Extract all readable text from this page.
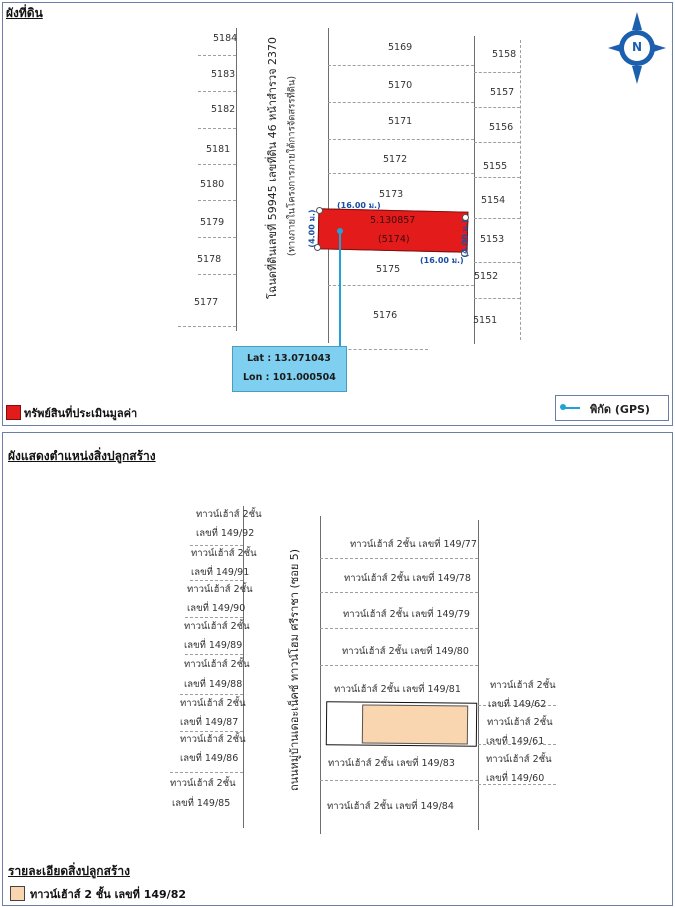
ผังที่ดิน
N
5184
5183
5182
5181
5180
5179
5178
5177
5169
5170
5171
5172
5173
5175
5176
5158
5157
5156
5155
5154
5153
5152
5151
โฉนดที่ดินเลขที่ 59945 เลขที่ดิน 46 หน้าสำรวจ 2370 (ทางภายในโครงการภายใต้การจัดสรรที่ดิน)	5.130857
(5174)
(16.00 ม.)
(16.00 ม.)
(4.00 ม.)	(4.00 ม.)
Lat : 13.071043
Lon : 101.000504
ทรัพย์สินที่ประเมินมูลค่า	พิกัด (GPS)
ผังแสดงตำแหน่งสิ่งปลูกสร้าง
ทาวน์เฮ้าส์ 2ชั้น
เลขที่ 149/92
ทาวน์เฮ้าส์ 2ชั้น
เลขที่ 149/91
ทาวน์เฮ้าส์ 2ชั้น
เลขที่ 149/90
ทาวน์เฮ้าส์ 2ชั้น
เลขที่ 149/89
ทาวน์เฮ้าส์ 2ชั้น
เลขที่ 149/88
ทาวน์เฮ้าส์ 2ชั้น
เลขที่ 149/87
ทาวน์เฮ้าส์ 2ชั้น
เลขที่ 149/86
ทาวน์เฮ้าส์ 2ชั้น
เลขที่ 149/85
ถนนหมู่บ้านเดอะเน็คซ์ ทาวน์โฮม ศรีราชา (ซอย 5)
ทาวน์เฮ้าส์ 2ชั้น เลขที่ 149/77
ทาวน์เฮ้าส์ 2ชั้น เลขที่ 149/78
ทาวน์เฮ้าส์ 2ชั้น เลขที่ 149/79
ทาวน์เฮ้าส์ 2ชั้น เลขที่ 149/80
ทาวน์เฮ้าส์ 2ชั้น เลขที่ 149/81
ทาวน์เฮ้าส์ 2ชั้น เลขที่ 149/83
ทาวน์เฮ้าส์ 2ชั้น เลขที่ 149/84
ทาวน์เฮ้าส์ 2ชั้น
เลขที่ 149/62
ทาวน์เฮ้าส์ 2ชั้น
เลขที่ 149/61
ทาวน์เฮ้าส์ 2ชั้น
เลขที่ 149/60
รายละเอียดสิ่งปลูกสร้าง
ทาวน์เฮ้าส์ 2 ชั้น เลขที่ 149/82
